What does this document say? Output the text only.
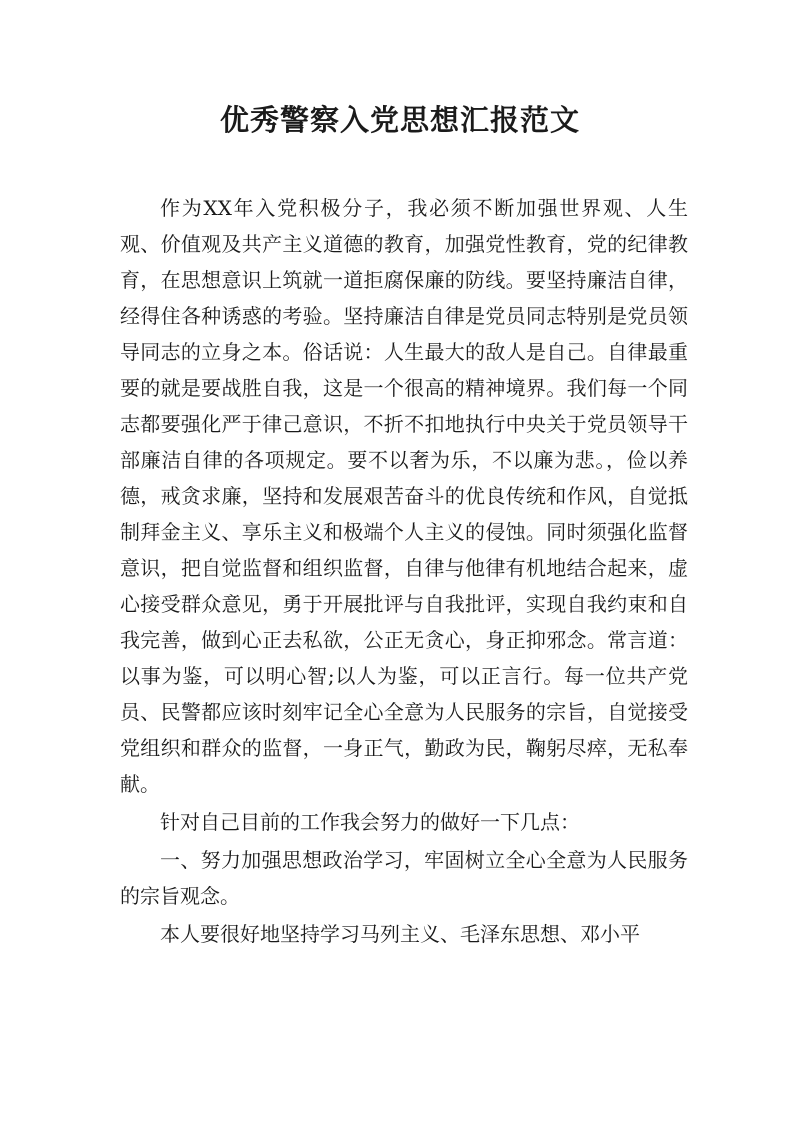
优秀警察入党思想汇报范文

作为XX年入党积极分子，我必须不断加强世界观、人生观、价值观及共产主义道德的教育，加强党性教育，党的纪律教育，在思想意识上筑就一道拒腐保廉的防线。要坚持廉洁自律，经得住各种诱惑的考验。坚持廉洁自律是党员同志特别是党员领导同志的立身之本。俗话说：人生最大的敌人是自己。自律最重要的就是要战胜自我，这是一个很高的精神境界。我们每一个同志都要强化严于律己意识，不折不扣地执行中央关于党员领导干部廉洁自律的各项规定。要不以奢为乐，不以廉为悲。，俭以养德，戒贪求廉，坚持和发展艰苦奋斗的优良传统和作风，自觉抵制拜金主义、享乐主义和极端个人主义的侵蚀。同时须强化监督意识，把自觉监督和组织监督，自律与他律有机地结合起来，虚心接受群众意见，勇于开展批评与自我批评，实现自我约束和自我完善，做到心正去私欲，公正无贪心，身正抑邪念。常言道：以事为鉴，可以明心智;以人为鉴，可以正言行。每一位共产党员、民警都应该时刻牢记全心全意为人民服务的宗旨，自觉接受党组织和群众的监督，一身正气，勤政为民，鞠躬尽瘁，无私奉献。

针对自己目前的工作我会努力的做好一下几点：

一、努力加强思想政治学习，牢固树立全心全意为人民服务的宗旨观念。

本人要很好地坚持学习马列主义、毛泽东思想、邓小平
